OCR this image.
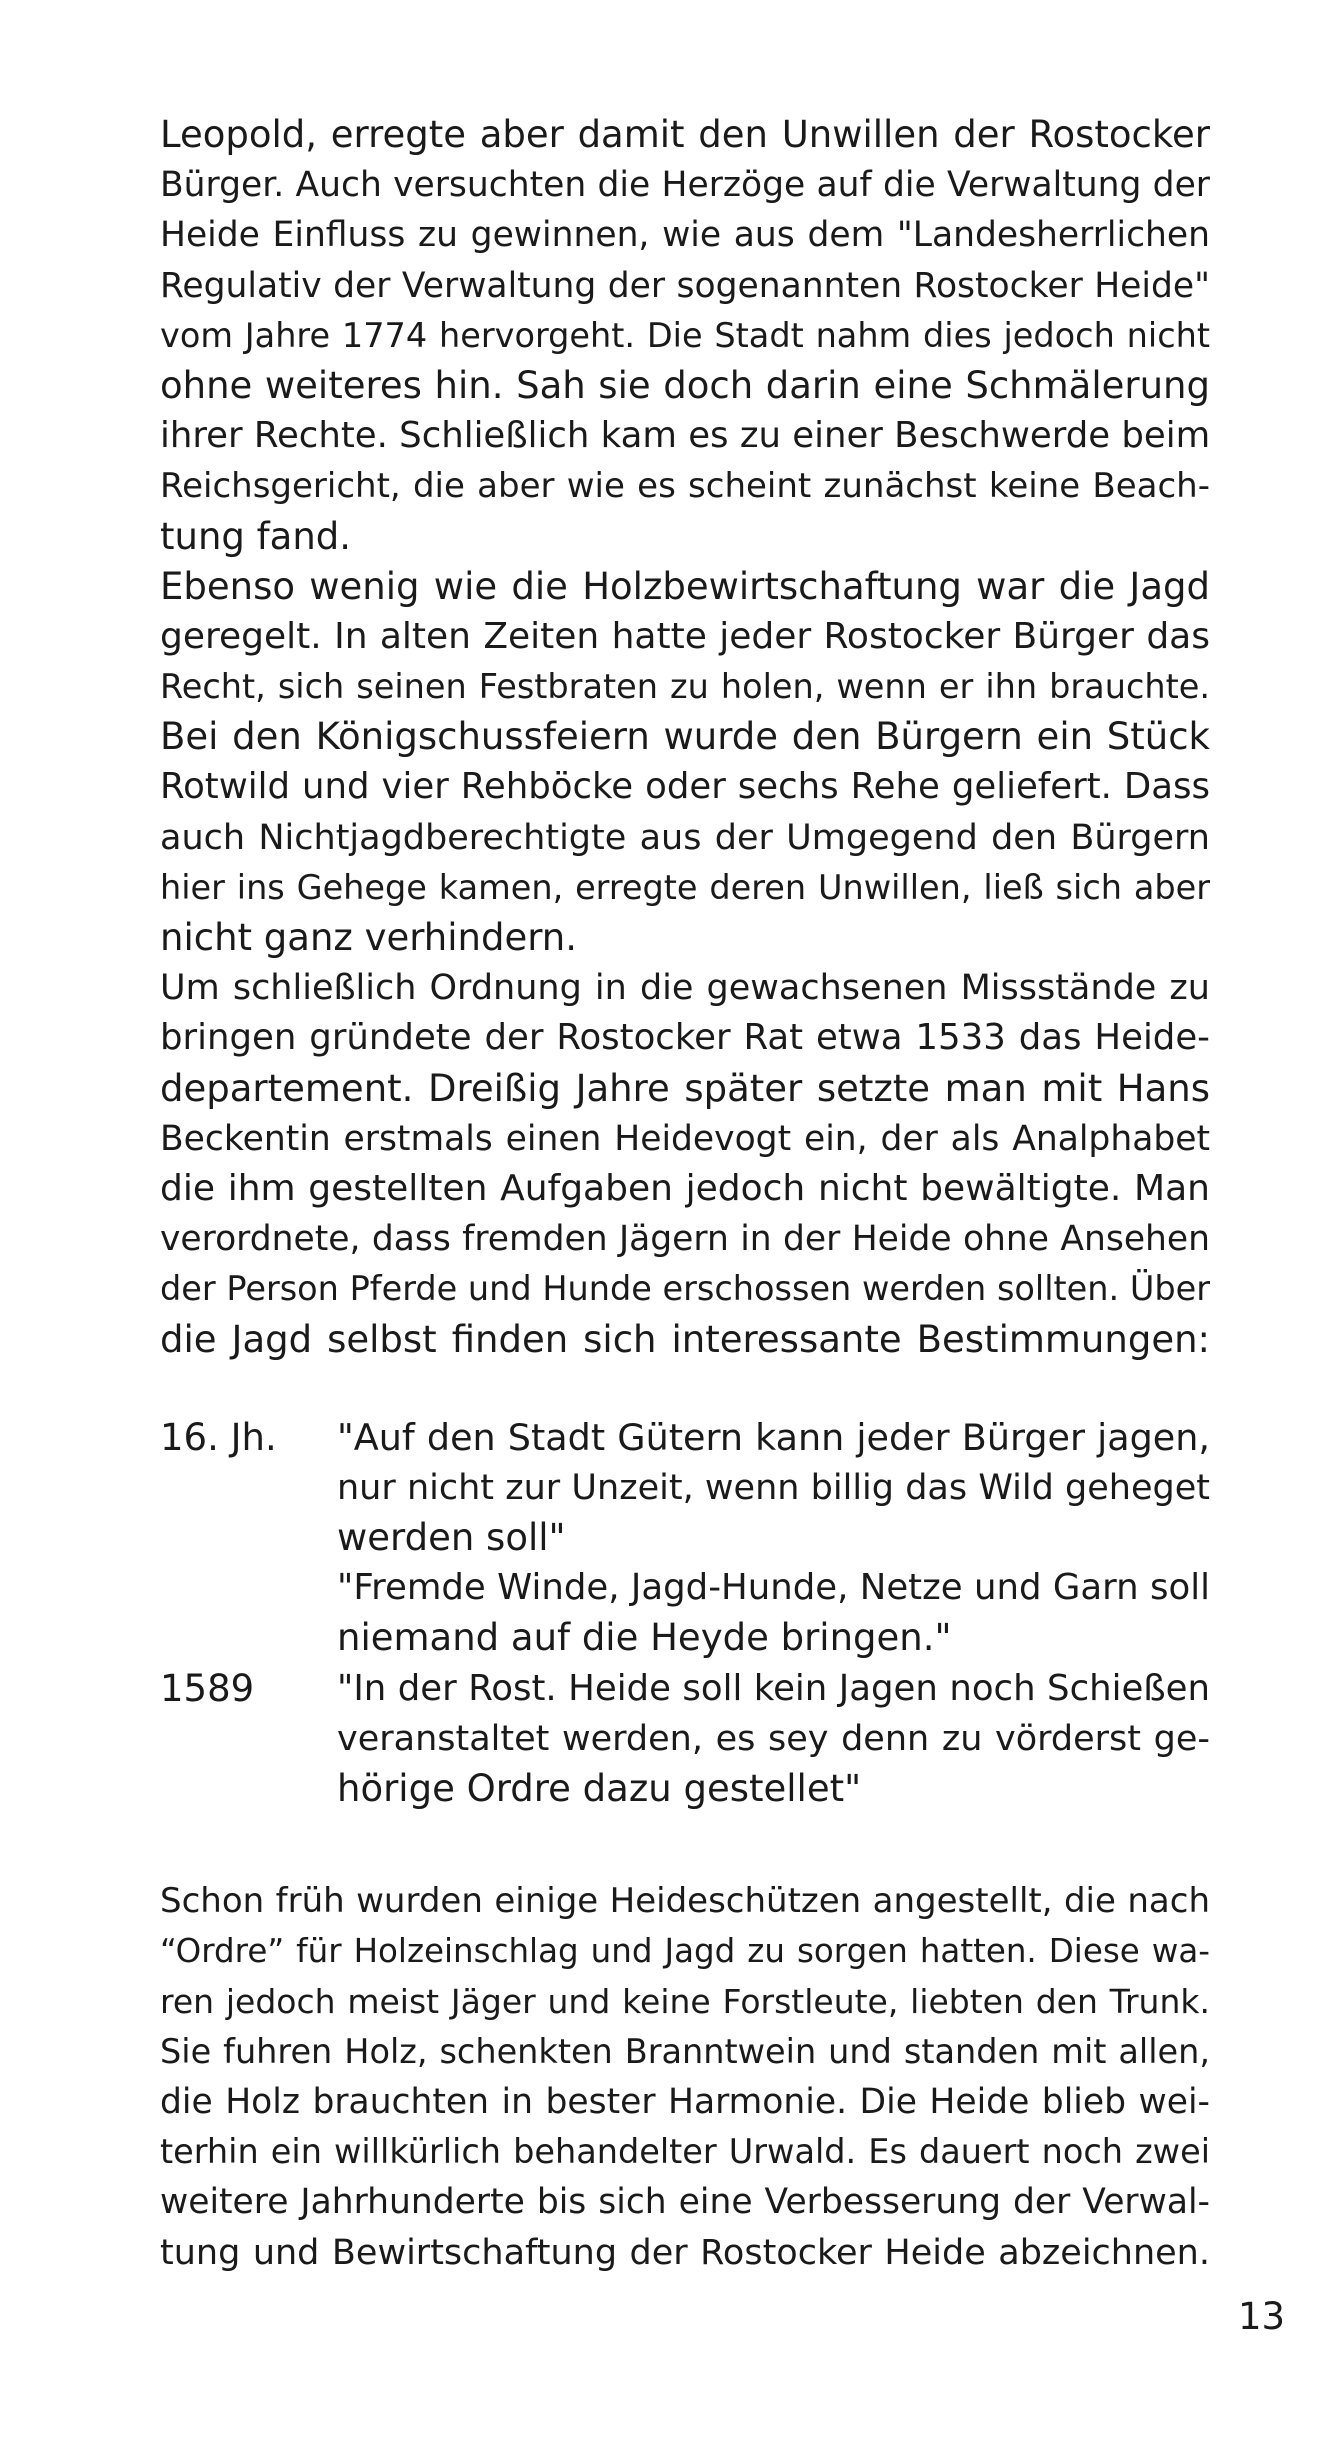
Leopold, erregte aber damit den Unwillen der Rostocker
Bürger. Auch versuchten die Herzöge auf die Verwaltung der
Heide Einfluss zu gewinnen, wie aus dem "Landesherrlichen
Regulativ der Verwaltung der sogenannten Rostocker Heide"
vom Jahre 1774 hervorgeht. Die Stadt nahm dies jedoch nicht
ohne weiteres hin. Sah sie doch darin eine Schmälerung
ihrer Rechte. Schließlich kam es zu einer Beschwerde beim
Reichsgericht, die aber wie es scheint zunächst keine Beach-
tung fand.
Ebenso wenig wie die Holzbewirtschaftung war die Jagd
geregelt. In alten Zeiten hatte jeder Rostocker Bürger das
Recht, sich seinen Festbraten zu holen, wenn er ihn brauchte.
Bei den Königschussfeiern wurde den Bürgern ein Stück
Rotwild und vier Rehböcke oder sechs Rehe geliefert. Dass
auch Nichtjagdberechtigte aus der Umgegend den Bürgern
hier ins Gehege kamen, erregte deren Unwillen, ließ sich aber
nicht ganz verhindern.
Um schließlich Ordnung in die gewachsenen Missstände zu
bringen gründete der Rostocker Rat etwa 1533 das Heide-
departement. Dreißig Jahre später setzte man mit Hans
Beckentin erstmals einen Heidevogt ein, der als Analphabet
die ihm gestellten Aufgaben jedoch nicht bewältigte. Man
verordnete, dass fremden Jägern in der Heide ohne Ansehen
der Person Pferde und Hunde erschossen werden sollten. Über
die Jagd selbst finden sich interessante Bestimmungen:
16. Jh.	"Auf den Stadt Gütern kann jeder Bürger jagen,
nur nicht zur Unzeit, wenn billig das Wild geheget
werden soll"
"Fremde Winde, Jagd-Hunde, Netze und Garn soll
niemand auf die Heyde bringen."
1589	"In der Rost. Heide soll kein Jagen noch Schießen
veranstaltet werden, es sey denn zu vörderst ge-
hörige Ordre dazu gestellet"
Schon früh wurden einige Heideschützen angestellt, die nach
“Ordre” für Holzeinschlag und Jagd zu sorgen hatten. Diese wa-
ren jedoch meist Jäger und keine Forstleute, liebten den Trunk.
Sie fuhren Holz, schenkten Branntwein und standen mit allen,
die Holz brauchten in bester Harmonie. Die Heide blieb wei-
terhin ein willkürlich behandelter Urwald. Es dauert noch zwei
weitere Jahrhunderte bis sich eine Verbesserung der Verwal-
tung und Bewirtschaftung der Rostocker Heide abzeichnen.
13
